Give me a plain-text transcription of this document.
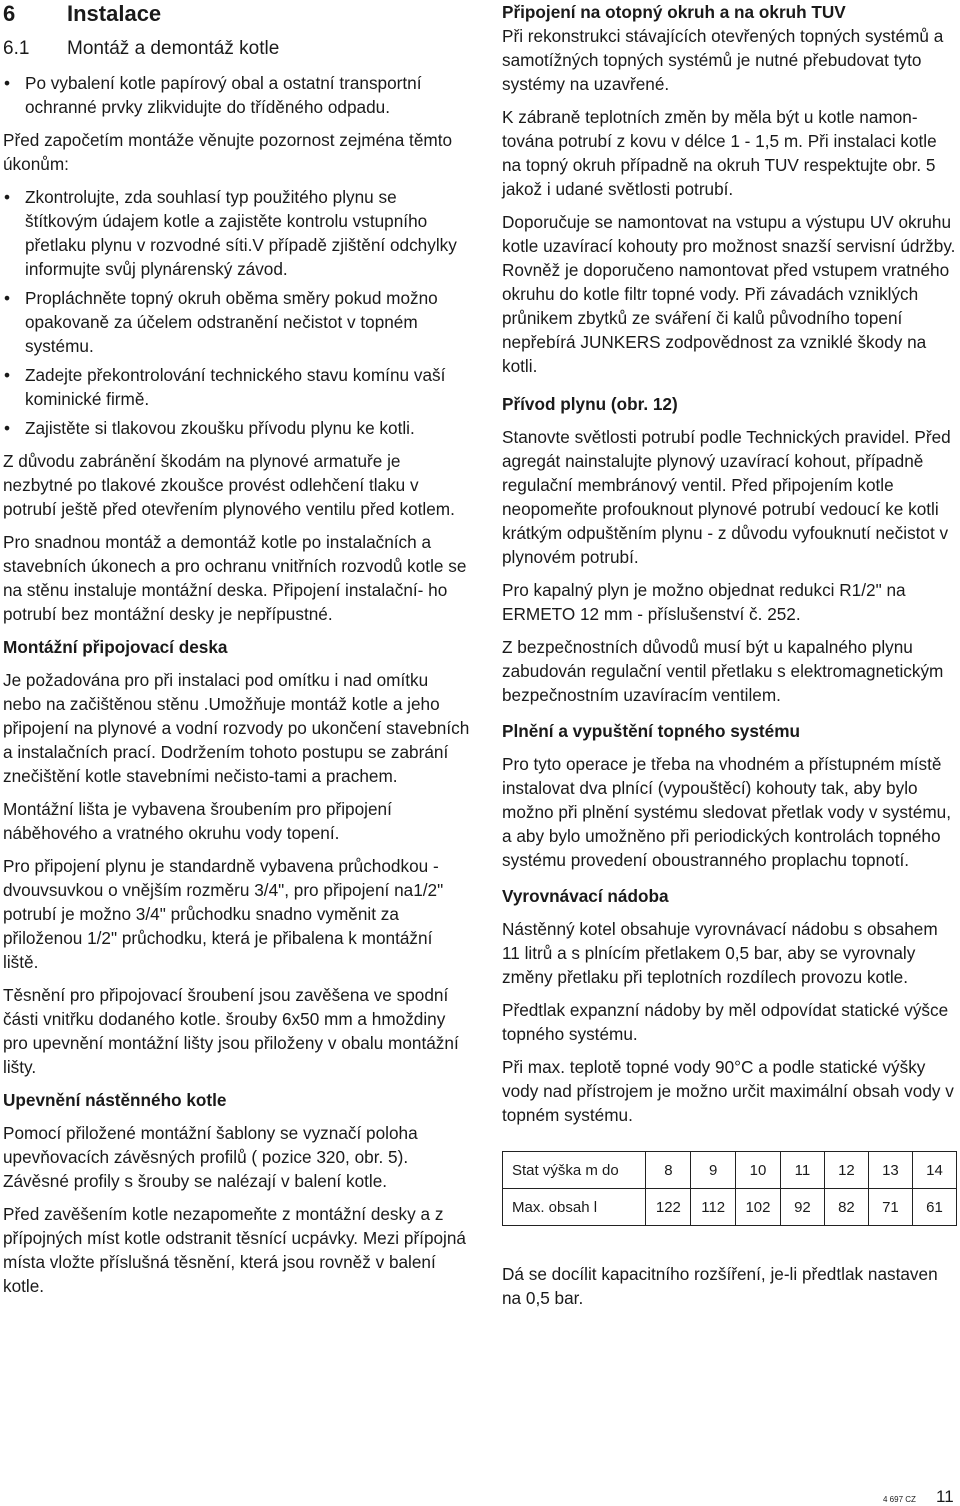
6 Instalace
6.1 Montáž a demontáž kotle
• Po vybalení kotle papírový obal a ostatní transportní ochranné prvky zlikvidujte do tříděného odpadu.

Před započetím montáže věnujte pozornost zejména těmto úkonům:

• Zkontrolujte, zda souhlasí typ použitého plynu se štítkovým údajem kotle a zajistěte kontrolu vstupního přetlaku plynu v rozvodné síti.V případě zjištění odchylky informujte svůj plynárenský závod.
• Propláchněte topný okruh oběma směry pokud možno opakovaně za účelem odstranění nečistot v topném systému.
• Zadejte překontrolování technického stavu komínu vaší kominické firmě.
• Zajistěte si tlakovou zkoušku přívodu plynu ke kotli.

Z důvodu zabránění škodám na plynové armatuře je nezbytné po tlakové zkoušce provést odlehčení tlaku v potrubí ještě před otevřením plynového ventilu před kotlem.

Pro snadnou montáž a demontáž kotle po instalačních a stavebních úkonech a pro ochranu vnitřních rozvodů kotle se na stěnu instaluje montážní deska. Připojení instalační- ho potrubí bez montážní desky je nepřípustné.

Montážní připojovací deska

Je požadována pro při instalaci pod omítku i nad omítku nebo na začištěnou stěnu .Umožňuje montáž kotle a jeho připojení na plynové a vodní rozvody po ukončení stavebních a instalačních prací. Dodržením tohoto postupu se zabrání znečištění kotle stavebními nečisto-tami a prachem.

Montážní lišta je vybavena šroubením pro připojení náběhového a vratného okruhu vody topení.

Pro připojení plynu je standardně vybavena průchodkou - dvouvsuvkou o vnějším rozměru 3/4", pro připojení na1/2" potrubí je možno 3/4" průchodku snadno vyměnit za přiloženou 1/2" průchodku, která je přibalena k montážní liště.

Těsnění pro připojovací šroubení jsou zavěšena ve spodní části vnitřku dodaného kotle. šrouby 6x50 mm a hmoždiny pro upevnění montážní lišty jsou přiloženy v obalu montážní lišty.

Upevnění nástěnného kotle

Pomocí přiložené montážní šablony se vyznačí poloha upevňovacích závěsných profilů ( pozice 320, obr. 5). Závěsné profily s šrouby se nalézají v balení kotle.

Před zavěšením kotle nezapomeňte z montážní desky a z přípojných míst kotle odstranit těsnící ucpávky. Mezi přípojná místa vložte příslušná těsnění, která jsou rovněž v balení kotle.

Připojení na otopný okruh a na okruh TUV

Při rekonstrukci stávajících otevřených topných systémů a samotížných topných systémů je nutné přebudovat tyto systémy na uzavřené.

K zábraně teplotních změn by měla být u kotle namon-tována potrubí z kovu v délce 1 - 1,5 m. Při instalaci kotle na topný okruh případně na okruh TUV respektujte obr. 5 jakož i udané světlosti potrubí.

Doporučuje se namontovat na vstupu a výstupu UV okruhu kotle uzavírací kohouty pro možnost snazší servisní údržby. Rovněž je doporučeno namontovat před vstupem vratného okruhu do kotle filtr topné vody. Při závadách vzniklých průnikem zbytků ze sváření či kalů původního topení nepřebírá JUNKERS zodpovědnost za vzniklé škody na kotli.

Přívod plynu (obr. 12)

Stanovte světlosti potrubí podle Technických pravidel. Před agregát nainstalujte plynový uzavírací kohout, případně regulační membránový ventil. Před připojením kotle neopomeňte profouknout plynové potrubí vedoucí ke kotli krátkým odpuštěním plynu - z důvodu vyfouknutí nečistot v plynovém potrubí.

Pro kapalný plyn je možno objednat redukci R1/2" na ERMETO 12 mm - příslušenství č. 252.

Z bezpečnostních důvodů musí být u kapalného plynu zabudován regulační ventil přetlaku s elektromagnetickým bezpečnostním uzavíracím ventilem.

Plnění a vypuštění topného systému

Pro tyto operace je třeba na vhodném a přístupném místě instalovat dva plnící (vypouštěcí) kohouty tak, aby bylo možno při plnění systému sledovat přetlak vody v systému, a aby bylo umožněno při periodických kontrolách topného systému provedení oboustranného proplachu topnotí.

Vyrovnávací nádoba

Nástěnný kotel obsahuje vyrovnávací nádobu s obsahem 11 litrů a s plnícím přetlakem 0,5 bar, aby se vyrovnaly změny přetlaku při teplotních rozdílech provozu kotle.

Předtlak expanzní nádoby by měl odpovídat statické výšce topného systému.

Při max. teplotě topné vody 90°C a podle statické výšky vody nad přístrojem je možno určit maximální obsah vody v topném systému.

Stat výška m do	8	9	10	11	12	13	14
Max. obsah l	122	112	102	92	82	71	61

Dá se docílit kapacitního rozšíření, je-li předtlak nastaven na 0,5 bar.

4 697 CZ 11
